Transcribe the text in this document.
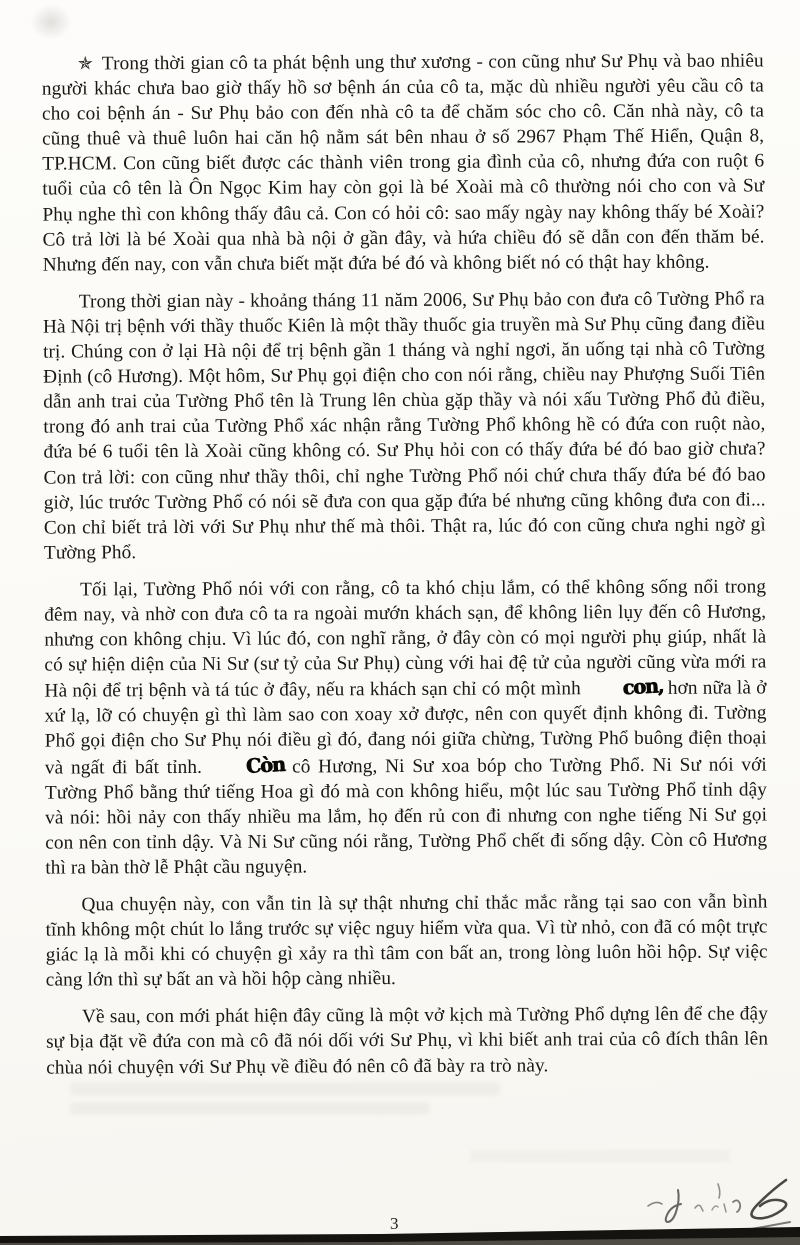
✯ Trong thời gian cô ta phát bệnh ung thư xương - con cũng như Sư Phụ và bao nhiêu người khác chưa bao giờ thấy hồ sơ bệnh án của cô ta, mặc dù nhiều người yêu cầu cô ta cho coi bệnh án - Sư Phụ bảo con đến nhà cô ta để chăm sóc cho cô. Căn nhà này, cô ta cũng thuê và thuê luôn hai căn hộ nằm sát bên nhau ở số 2967 Phạm Thế Hiển, Quận 8, TP.HCM. Con cũng biết được các thành viên trong gia đình của cô, nhưng đứa con ruột 6 tuổi của cô tên là Ôn Ngọc Kim hay còn gọi là bé Xoài mà cô thường nói cho con và Sư Phụ nghe thì con không thấy đâu cả. Con có hỏi cô: sao mấy ngày nay không thấy bé Xoài? Cô trả lời là bé Xoài qua nhà bà nội ở gần đây, và hứa chiều đó sẽ dẫn con đến thăm bé. Nhưng đến nay, con vẫn chưa biết mặt đứa bé đó và không biết nó có thật hay không.

Trong thời gian này - khoảng tháng 11 năm 2006, Sư Phụ bảo con đưa cô Tường Phổ ra Hà Nội trị bệnh với thầy thuốc Kiên là một thầy thuốc gia truyền mà Sư Phụ cũng đang điều trị. Chúng con ở lại Hà nội để trị bệnh gần 1 tháng và nghỉ ngơi, ăn uống tại nhà cô Tường Định (cô Hương). Một hôm, Sư Phụ gọi điện cho con nói rằng, chiều nay Phượng Suối Tiên dẫn anh trai của Tường Phổ tên là Trung lên chùa gặp thầy và nói xấu Tường Phổ đủ điều, trong đó anh trai của Tường Phổ xác nhận rằng Tường Phổ không hề có đứa con ruột nào, đứa bé 6 tuổi tên là Xoài cũng không có. Sư Phụ hỏi con có thấy đứa bé đó bao giờ chưa? Con trả lời: con cũng như thầy thôi, chỉ nghe Tường Phổ nói chứ chưa thấy đứa bé đó bao giờ, lúc trước Tường Phổ có nói sẽ đưa con qua gặp đứa bé nhưng cũng không đưa con đi... Con chỉ biết trả lời với Sư Phụ như thế mà thôi. Thật ra, lúc đó con cũng chưa nghi ngờ gì Tường Phổ.

Tối lại, Tường Phổ nói với con rằng, cô ta khó chịu lắm, có thể không sống nổi trong đêm nay, và nhờ con đưa cô ta ra ngoài mướn khách sạn, để không liên lụy đến cô Hương, nhưng con không chịu. Vì lúc đó, con nghĩ rằng, ở đây còn có mọi người phụ giúp, nhất là có sự hiện diện của Ni Sư (sư tỷ của Sư Phụ) cùng với hai đệ tử của người cũng vừa mới ra Hà nội để trị bệnh và tá túc ở đây, nếu ra khách sạn chỉ có một mình con, hơn nữa là ở xứ lạ, lỡ có chuyện gì thì làm sao con xoay xở được, nên con quyết định không đi. Tường Phổ gọi điện cho Sư Phụ nói điều gì đó, đang nói giữa chừng, Tường Phổ buông điện thoại và ngất đi bất tỉnh. Còn cô Hương, Ni Sư xoa bóp cho Tường Phổ. Ni Sư nói với Tường Phổ bằng thứ tiếng Hoa gì đó mà con không hiểu, một lúc sau Tường Phổ tỉnh dậy và nói: hồi nảy con thấy nhiều ma lắm, họ đến rủ con đi nhưng con nghe tiếng Ni Sư gọi con nên con tỉnh dậy. Và Ni Sư cũng nói rằng, Tường Phổ chết đi sống dậy. Còn cô Hương thì ra bàn thờ lễ Phật cầu nguyện.

Qua chuyện này, con vẫn tin là sự thật nhưng chỉ thắc mắc rằng tại sao con vẫn bình tĩnh không một chút lo lắng trước sự việc nguy hiểm vừa qua. Vì từ nhỏ, con đã có một trực giác lạ là mỗi khi có chuyện gì xảy ra thì tâm con bất an, trong lòng luôn hồi hộp. Sự việc càng lớn thì sự bất an và hồi hộp càng nhiều.

Về sau, con mới phát hiện đây cũng là một vở kịch mà Tường Phổ dựng lên để che đậy sự bịa đặt về đứa con mà cô đã nói dối với Sư Phụ, vì khi biết anh trai của cô đích thân lên chùa nói chuyện với Sư Phụ về điều đó nên cô đã bày ra trò này.

3
